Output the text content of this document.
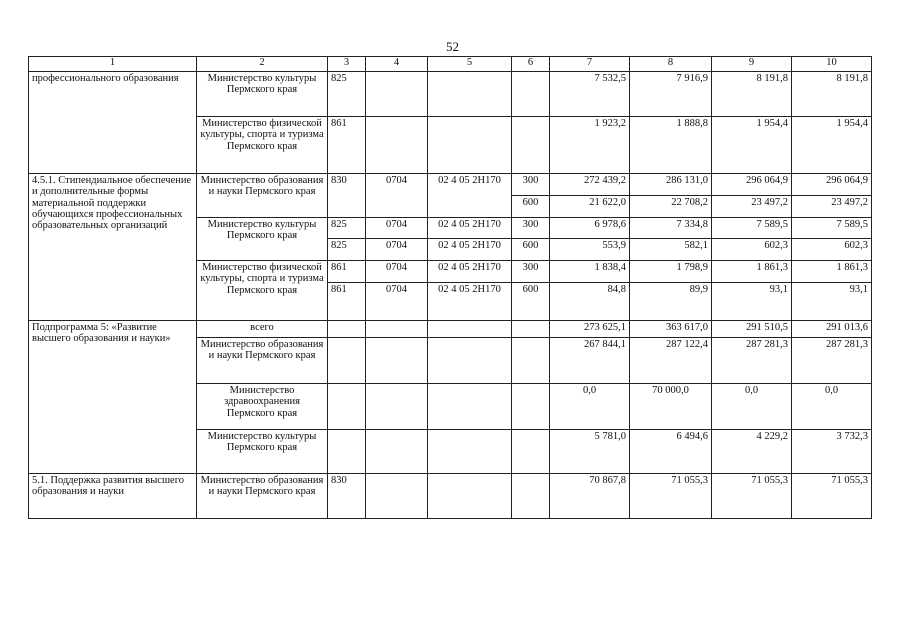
52
1	2	3	4	5	6	7	8	9	10
профессионального образования	Министерство культуры Пермского края	825				7 532,5	7 916,9	8 191,8	8 191,8
	Министерство физической культуры, спорта и туризма Пермского края	861				1 923,2	1 888,8	1 954,4	1 954,4
4.5.1. Стипендиальное обеспечение и дополнительные формы материальной поддержки обучающихся профессиональных образовательных организаций	Министерство образования и науки Пермского края	830	0704	02 4 05 2Н170	300	272 439,2	286 131,0	296 064,9	296 064,9
					600	21 622,0	22 708,2	23 497,2	23 497,2
	Министерство культуры Пермского края	825	0704	02 4 05 2Н170	300	6 978,6	7 334,8	7 589,5	7 589,5
		825	0704	02 4 05 2Н170	600	553,9	582,1	602,3	602,3
	Министерство физической культуры, спорта и туризма Пермского края	861	0704	02 4 05 2Н170	300	1 838,4	1 798,9	1 861,3	1 861,3
		861	0704	02 4 05 2Н170	600	84,8	89,9	93,1	93,1
Подпрограмма 5: «Развитие высшего образования и науки»	всего					273 625,1	363 617,0	291 510,5	291 013,6
	Министерство образования и науки Пермского края					267 844,1	287 122,4	287 281,3	287 281,3
	Министерство здравоохранения Пермского края					0,0	70 000,0	0,0	0,0
	Министерство культуры Пермского края					5 781,0	6 494,6	4 229,2	3 732,3
5.1. Поддержка развития высшего образования и науки	Министерство образования и науки Пермского края	830				70 867,8	71 055,3	71 055,3	71 055,3
